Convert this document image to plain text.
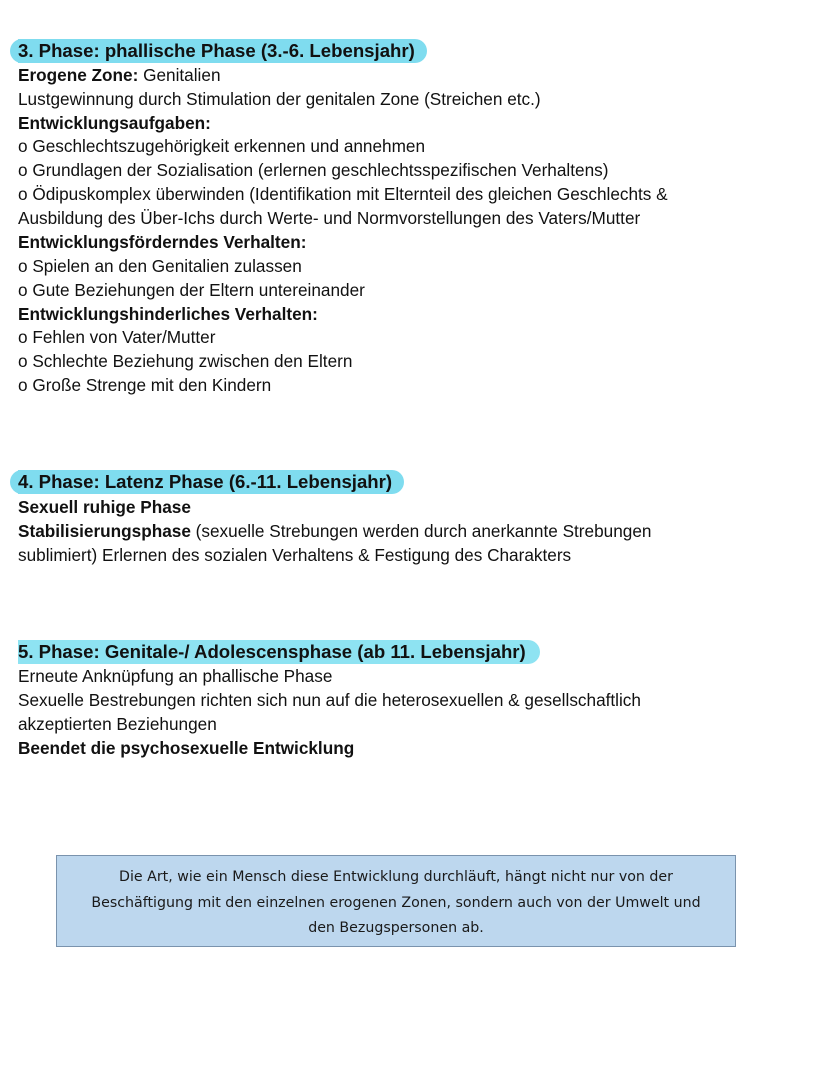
3. Phase: phallische Phase (3.-6. Lebensjahr)
Erogene Zone: Genitalien
Lustgewinnung durch Stimulation der genitalen Zone (Streichen etc.)
Entwicklungsaufgaben:
o Geschlechtszugehörigkeit erkennen und annehmen
o Grundlagen der Sozialisation (erlernen geschlechtsspezifischen Verhaltens)
o Ödipuskomplex überwinden (Identifikation mit Elternteil des gleichen Geschlechts &
Ausbildung des Über-Ichs durch Werte- und Normvorstellungen des Vaters/Mutter
Entwicklungsförderndes Verhalten:
o Spielen an den Genitalien zulassen
o Gute Beziehungen der Eltern untereinander
Entwicklungshinderliches Verhalten:
o Fehlen von Vater/Mutter
o Schlechte Beziehung zwischen den Eltern
o Große Strenge mit den Kindern
4. Phase: Latenz Phase (6.-11. Lebensjahr)
Sexuell ruhige Phase
Stabilisierungsphase (sexuelle Strebungen werden durch anerkannte Strebungen
sublimiert) Erlernen des sozialen Verhaltens & Festigung des Charakters
5. Phase: Genitale-/ Adolescensphase (ab 11. Lebensjahr)
Erneute Anknüpfung an phallische Phase
Sexuelle Bestrebungen richten sich nun auf die heterosexuellen & gesellschaftlich
akzeptierten Beziehungen
Beendet die psychosexuelle Entwicklung
Die Art, wie ein Mensch diese Entwicklung durchläuft, hängt nicht nur von der
Beschäftigung mit den einzelnen erogenen Zonen, sondern auch von der Umwelt und
den Bezugspersonen ab.
